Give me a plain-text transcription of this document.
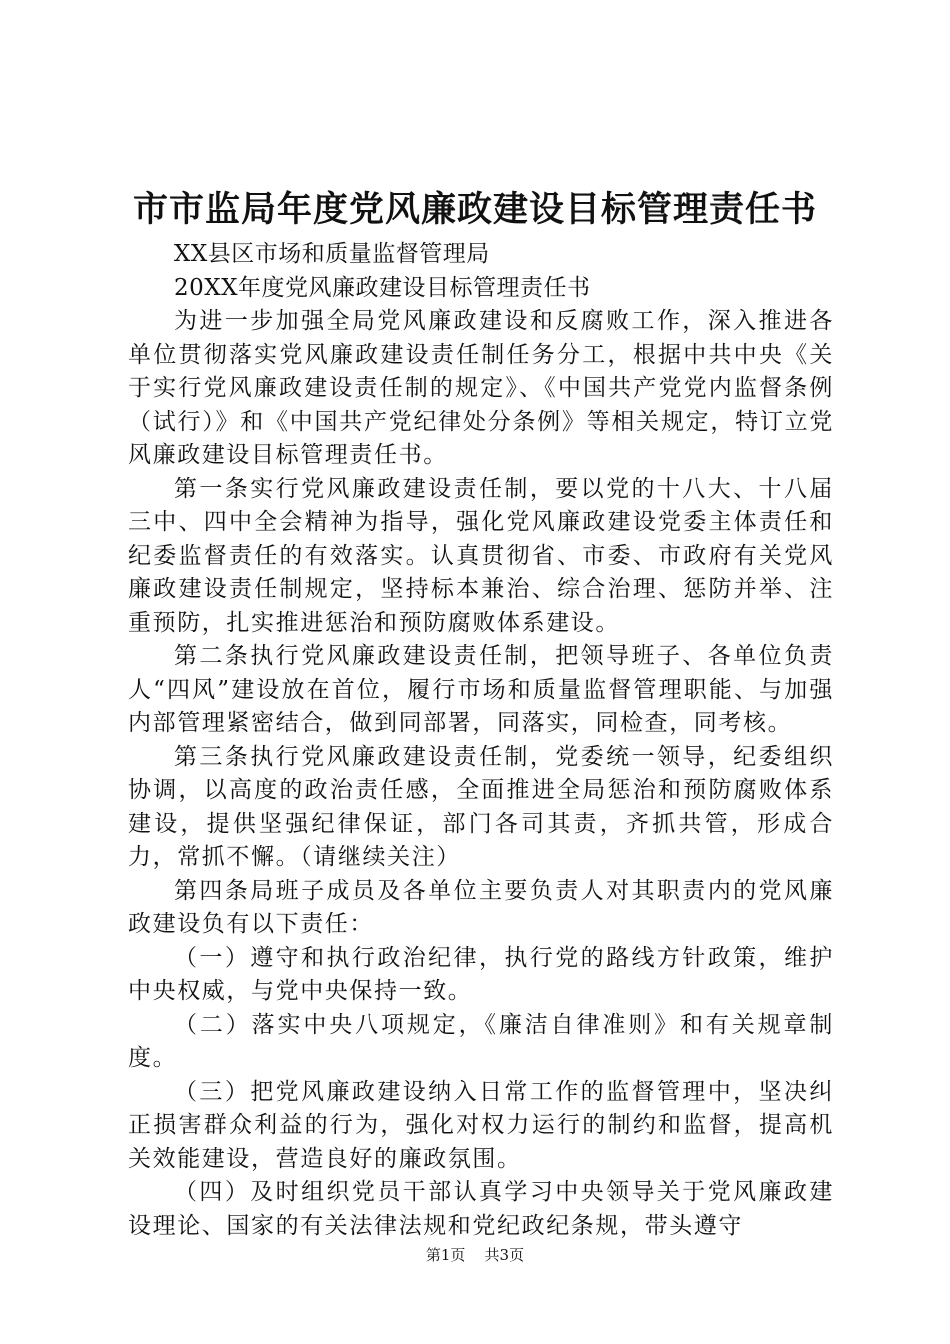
市市监局年度党风廉政建设目标管理责任书

XX县区市场和质量监督管理局

20XX年度党风廉政建设目标管理责任书

为进一步加强全局党风廉政建设和反腐败工作，深入推进各单位贯彻落实党风廉政建设责任制任务分工，根据中共中央《关于实行党风廉政建设责任制的规定》、《中国共产党党内监督条例（试行）》和《中国共产党纪律处分条例》等相关规定，特订立党风廉政建设目标管理责任书。

第一条实行党风廉政建设责任制，要以党的十八大、十八届三中、四中全会精神为指导，强化党风廉政建设党委主体责任和纪委监督责任的有效落实。认真贯彻省、市委、市政府有关党风廉政建设责任制规定，坚持标本兼治、综合治理、惩防并举、注重预防，扎实推进惩治和预防腐败体系建设。

第二条执行党风廉政建设责任制，把领导班子、各单位负责人“四风”建设放在首位，履行市场和质量监督管理职能、与加强内部管理紧密结合，做到同部署，同落实，同检查，同考核。

第三条执行党风廉政建设责任制，党委统一领导，纪委组织协调，以高度的政治责任感，全面推进全局惩治和预防腐败体系建设，提供坚强纪律保证，部门各司其责，齐抓共管，形成合力，常抓不懈。（请继续关注）

第四条局班子成员及各单位主要负责人对其职责内的党风廉政建设负有以下责任：

（一）遵守和执行政治纪律，执行党的路线方针政策，维护中央权威，与党中央保持一致。

（二）落实中央八项规定，《廉洁自律准则》和有关规章制度。

（三）把党风廉政建设纳入日常工作的监督管理中，坚决纠正损害群众利益的行为，强化对权力运行的制约和监督，提高机关效能建设，营造良好的廉政氛围。

（四）及时组织党员干部认真学习中央领导关于党风廉政建设理论、国家的有关法律法规和党纪政纪条规，带头遵守

第1页 共3页
